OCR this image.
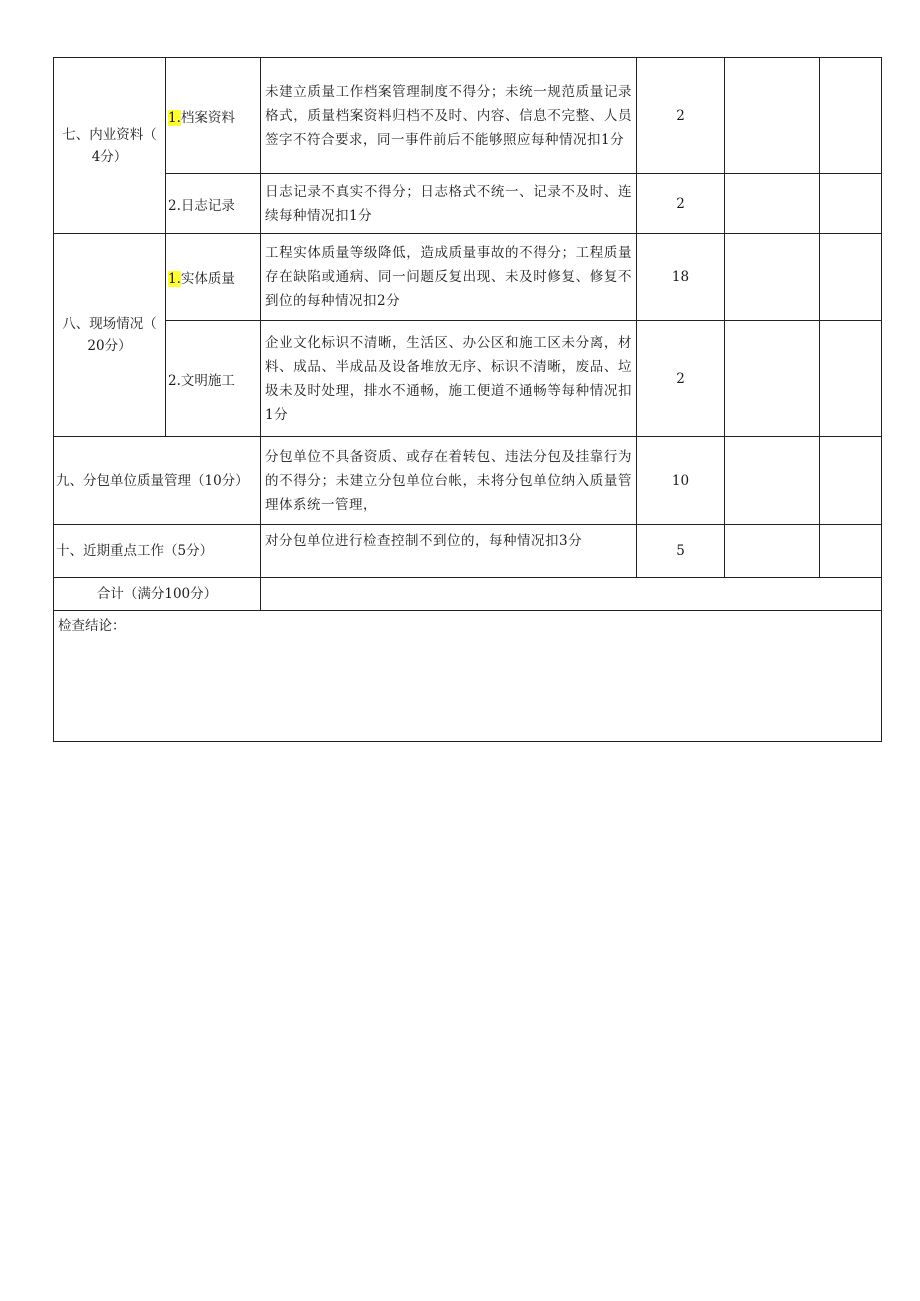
七、内业资料（
4分）	1.档案资料	未建立质量工作档案管理制度不得分；未统一规范质量记录格式，质量档案资料归档不及时、内容、信息不完整、人员签字不符合要求，同一事件前后不能够照应每种情况扣1分	2		
	2.日志记录	日志记录不真实不得分；日志格式不统一、记录不及时、连续每种情况扣1分	2		
八、现场情况（
20分）	1.实体质量	工程实体质量等级降低，造成质量事故的不得分；工程质量存在缺陷或通病、同一问题反复出现、未及时修复、修复不到位的每种情况扣2分	18		
	2.文明施工	企业文化标识不清晰，生活区、办公区和施工区未分离，材料、成品、半成品及设备堆放无序、标识不清晰，废品、垃圾未及时处理，排水不通畅，施工便道不通畅等每种情况扣1分	2		
九、分包单位质量管理（10分）		分包单位不具备资质、或存在着转包、违法分包及挂靠行为的不得分；未建立分包单位台帐，未将分包单位纳入质量管理体系统一管理，	10		
十、近期重点工作（5分）		对分包单位进行检查控制不到位的，每种情况扣3分	5		
合计（满分100分）					
检查结论：					
